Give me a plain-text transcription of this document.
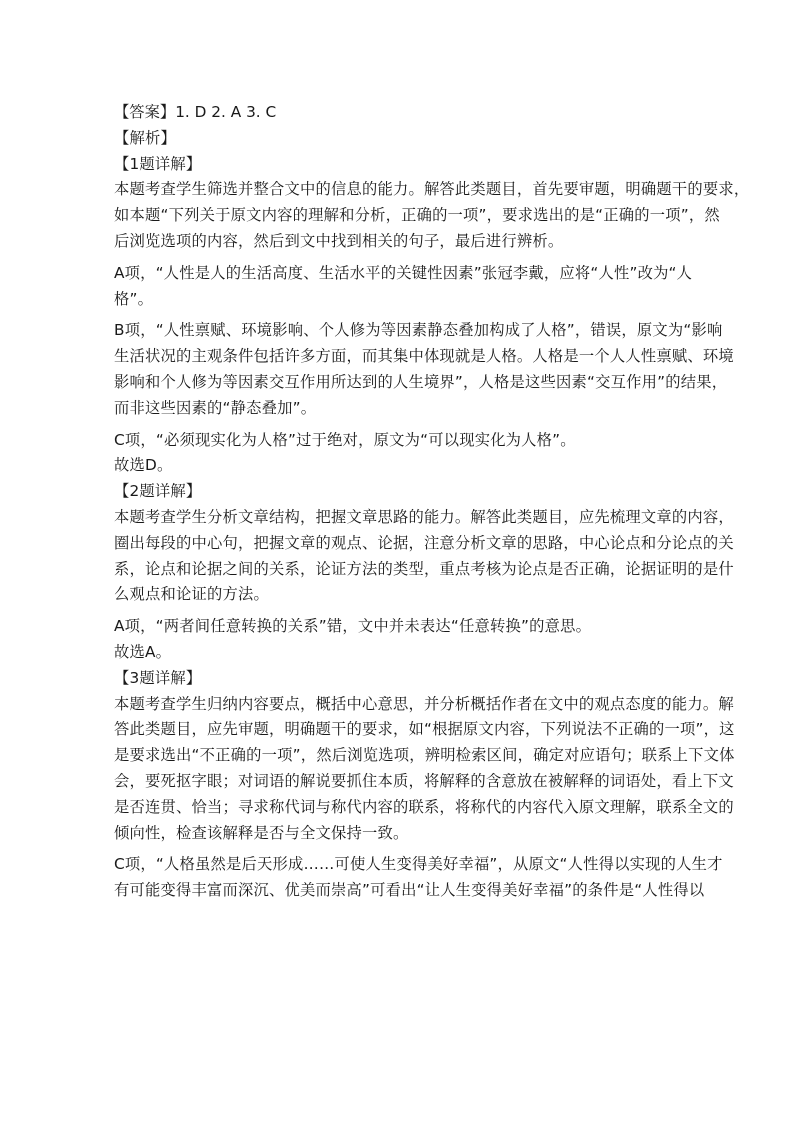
【答案】1. D 2. A 3. C

【解析】

【1题详解】

本题考查学生筛选并整合文中的信息的能力。解答此类题目，首先要审题，明确题干的要求，

如本题“下列关于原文内容的理解和分析，正确的一项”，要求选出的是“正确的一项”，然

后浏览选项的内容，然后到文中找到相关的句子，最后进行辨析。

A项，“人性是人的生活高度、生活水平的关键性因素”张冠李戴，应将“人性”改为“人

格”。

B项，“人性禀赋、环境影响、个人修为等因素静态叠加构成了人格”，错误，原文为“影响

生活状况的主观条件包括许多方面，而其集中体现就是人格。人格是一个人人性禀赋、环境

影响和个人修为等因素交互作用所达到的人生境界”，人格是这些因素“交互作用”的结果，

而非这些因素的“静态叠加”。

C项，“必须现实化为人格”过于绝对，原文为“可以现实化为人格”。

故选D。

【2题详解】

本题考查学生分析文章结构，把握文章思路的能力。解答此类题目，应先梳理文章的内容，

圈出每段的中心句，把握文章的观点、论据，注意分析文章的思路，中心论点和分论点的关

系，论点和论据之间的关系，论证方法的类型，重点考核为论点是否正确，论据证明的是什

么观点和论证的方法。

A项，“两者间任意转换的关系”错，文中并未表达“任意转换”的意思。

故选A。

【3题详解】

本题考查学生归纳内容要点，概括中心意思，并分析概括作者在文中的观点态度的能力。解

答此类题目，应先审题，明确题干的要求，如“根据原文内容，下列说法不正确的一项”，这

是要求选出“不正确的一项”，然后浏览选项，辨明检索区间，确定对应语句；联系上下文体

会，要死抠字眼；对词语的解说要抓住本质，将解释的含意放在被解释的词语处，看上下文

是否连贯、恰当；寻求称代词与称代内容的联系，将称代的内容代入原文理解，联系全文的

倾向性，检查该解释是否与全文保持一致。

C项，“人格虽然是后天形成……可使人生变得美好幸福”，从原文“人性得以实现的人生才

有可能变得丰富而深沉、优美而崇高”可看出“让人生变得美好幸福”的条件是“人性得以
